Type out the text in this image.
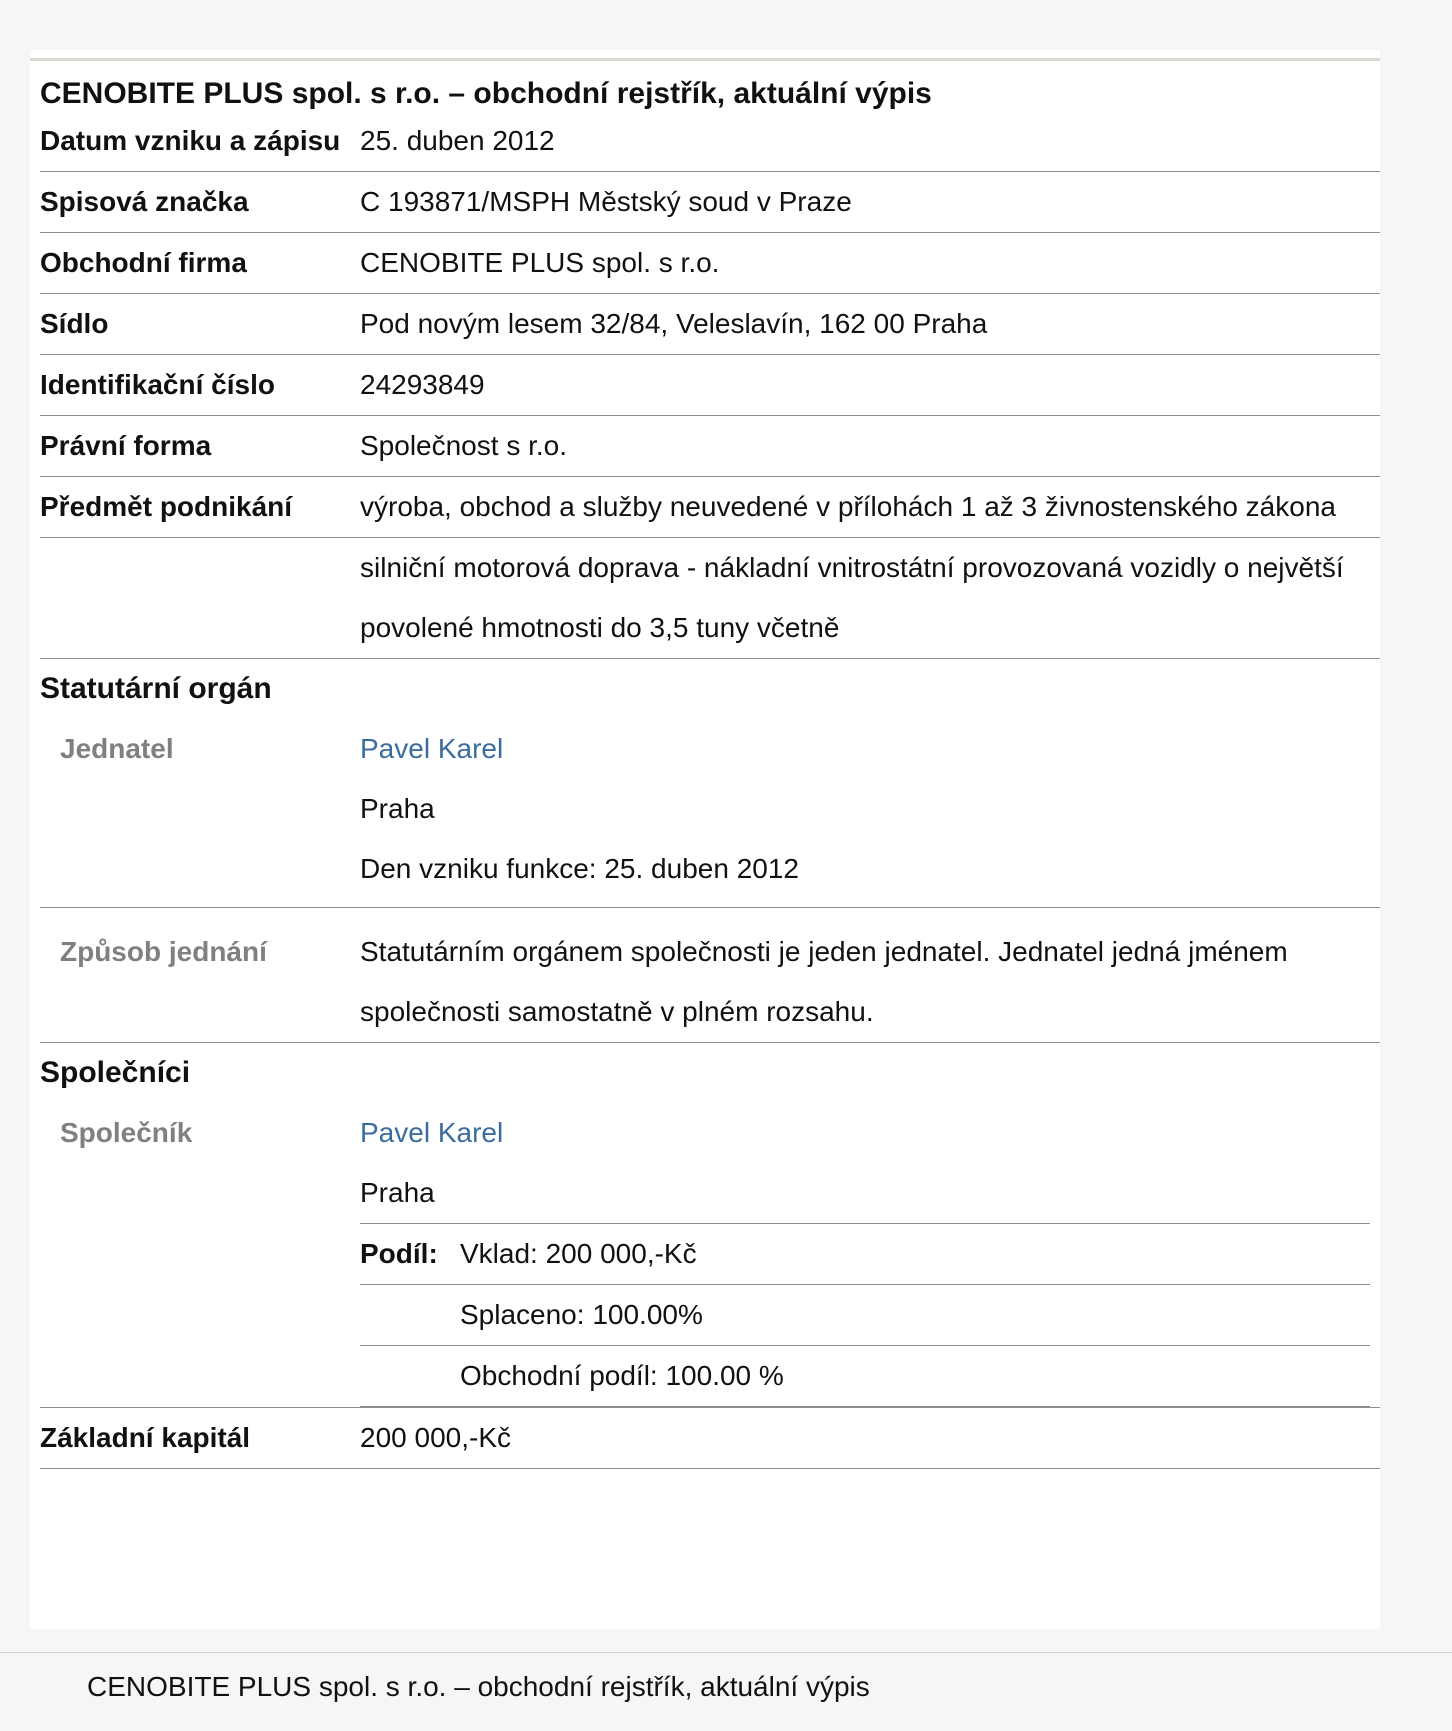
CENOBITE PLUS spol. s r.o. – obchodní rejstřík, aktuální výpis
Datum vzniku a zápisu	25. duben 2012
Spisová značka	C 193871/MSPH Městský soud v Praze
Obchodní firma	CENOBITE PLUS spol. s r.o.
Sídlo	Pod novým lesem 32/84, Veleslavín, 162 00 Praha
Identifikační číslo	24293849
Právní forma	Společnost s r.o.
Předmět podnikání	výroba, obchod a služby neuvedené v přílohách 1 až 3 živnostenského zákona
	silniční motorová doprava - nákladní vnitrostátní provozovaná vozidly o největší povolené hmotnosti do 3,5 tuny včetně
Statutární orgán
Jednatel	Pavel Karel
Praha
Den vzniku funkce: 25. duben 2012

Způsob jednání	Statutárním orgánem společnosti je jeden jednatel. Jednatel jedná jménem společnosti samostatně v plném rozsahu.
Společníci
Společník	Pavel Karel
Praha
Podíl:	Vklad: 200 000,-Kč
	Splaceno: 100.00%
	Obchodní podíl: 100.00 %

Základní kapitál	200 000,-Kč
CENOBITE PLUS spol. s r.o. – obchodní rejstřík, aktuální výpis
